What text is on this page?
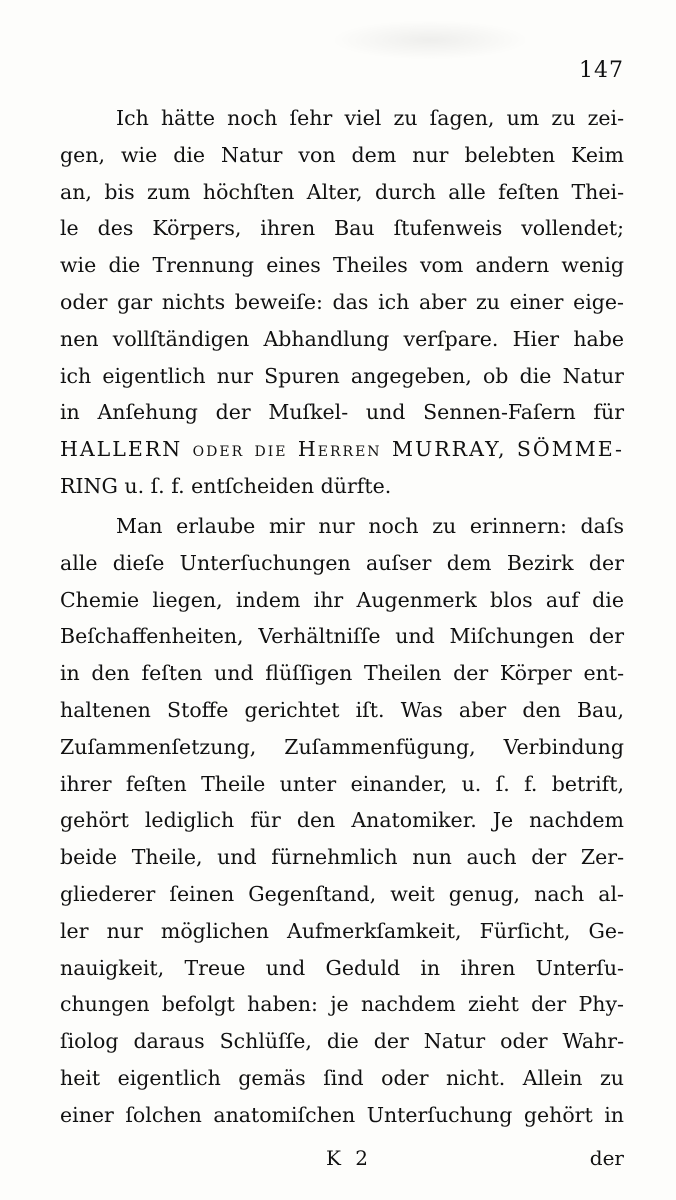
147
Ich hätte noch ſehr viel zu ſagen, um zu zei-
gen, wie die Natur von dem nur belebten Keim
an, bis zum höchſten Alter, durch alle feſten Thei-
le des Körpers, ihren Bau ſtufenweis vollendet;
wie die Trennung eines Theiles vom andern wenig
oder gar nichts beweiſe: das ich aber zu einer eige-
nen vollſtändigen Abhandlung verſpare. Hier habe
ich eigentlich nur Spuren angegeben, ob die Natur
in Anſehung der Muſkel- und Sennen-Faſern für
HALLERN oder die Herren MURRAY, SÖMME-
RING u. ſ. f. entſcheiden dürfte.
Man erlaube mir nur noch zu erinnern: daſs
alle dieſe Unterſuchungen auſser dem Bezirk der
Chemie liegen, indem ihr Augenmerk blos auf die
Beſchaffenheiten, Verhältniſſe und Miſchungen der
in den feſten und flüſſigen Theilen der Körper ent-
haltenen Stoffe gerichtet iſt. Was aber den Bau,
Zuſammenſetzung, Zuſammenfügung, Verbindung
ihrer feſten Theile unter einander, u. ſ. f. betrift,
gehört lediglich für den Anatomiker. Je nachdem
beide Theile, und fürnehmlich nun auch der Zer-
gliederer ſeinen Gegenſtand, weit genug, nach al-
ler nur möglichen Aufmerkſamkeit, Fürſicht, Ge-
nauigkeit, Treue und Geduld in ihren Unterſu-
chungen befolgt haben: je nachdem zieht der Phy-
ſiolog daraus Schlüſſe, die der Natur oder Wahr-
heit eigentlich gemäs ſind oder nicht. Allein zu
einer ſolchen anatomiſchen Unterſuchung gehört in
K 2	der
